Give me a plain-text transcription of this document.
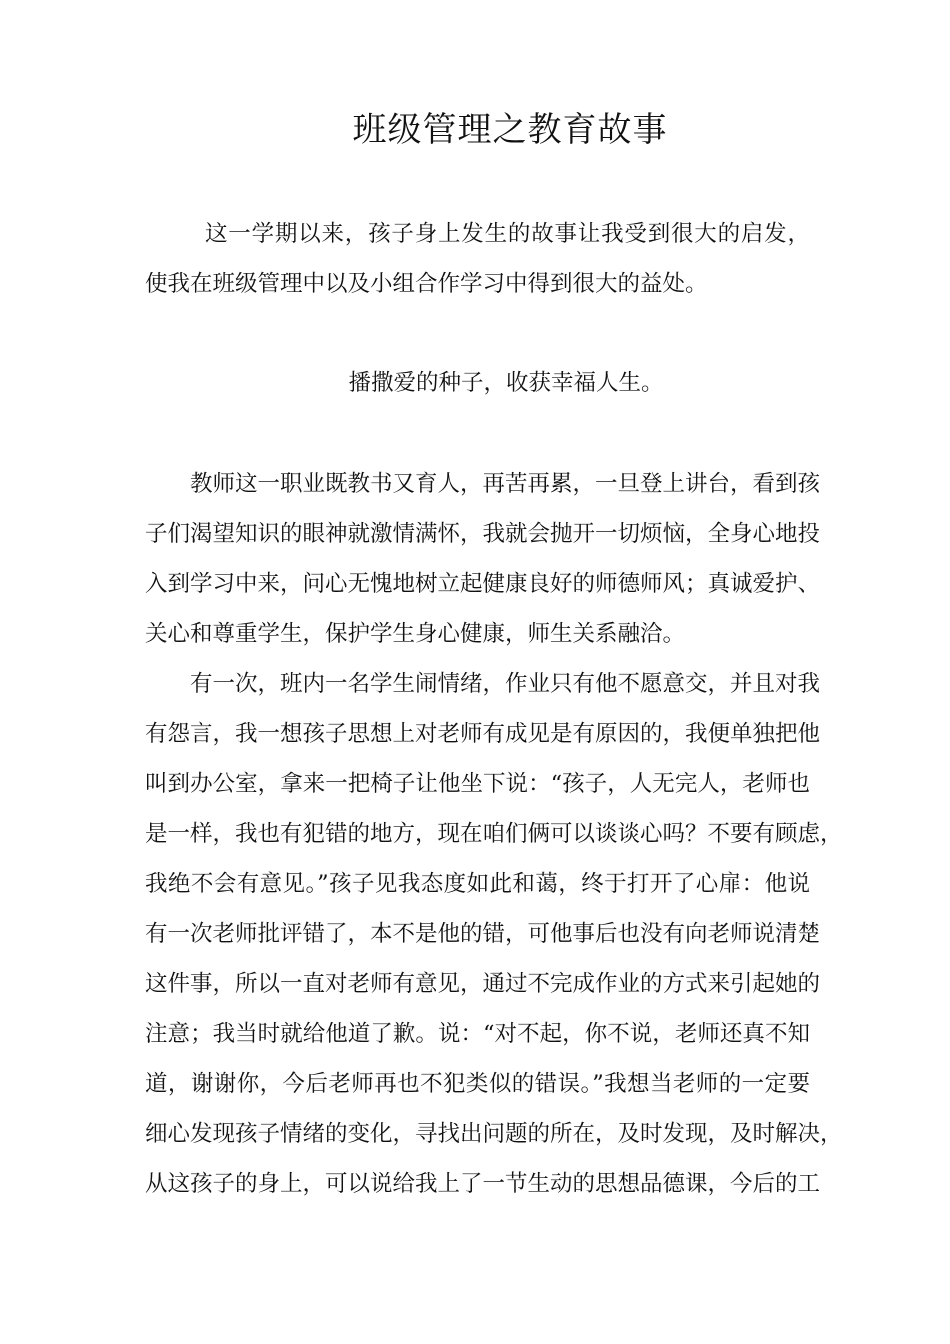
班级管理之教育故事
这一学期以来，孩子身上发生的故事让我受到很大的启发，
使我在班级管理中以及小组合作学习中得到很大的益处。
播撒爱的种子，收获幸福人生。
教师这一职业既教书又育人，再苦再累，一旦登上讲台，看到孩
子们渴望知识的眼神就激情满怀，我就会抛开一切烦恼，全身心地投
入到学习中来，问心无愧地树立起健康良好的师德师风；真诚爱护、
关心和尊重学生，保护学生身心健康，师生关系融洽。
有一次，班内一名学生闹情绪，作业只有他不愿意交，并且对我
有怨言，我一想孩子思想上对老师有成见是有原因的，我便单独把他
叫到办公室，拿来一把椅子让他坐下说：“孩子，人无完人，老师也
是一样，我也有犯错的地方，现在咱们俩可以谈谈心吗？不要有顾虑，
我绝不会有意见。”孩子见我态度如此和蔼，终于打开了心扉：他说
有一次老师批评错了，本不是他的错，可他事后也没有向老师说清楚
这件事，所以一直对老师有意见，通过不完成作业的方式来引起她的
注意；我当时就给他道了歉。说：“对不起，你不说，老师还真不知
道，谢谢你，今后老师再也不犯类似的错误。”我想当老师的一定要
细心发现孩子情绪的变化，寻找出问题的所在，及时发现，及时解决，
从这孩子的身上，可以说给我上了一节生动的思想品德课，今后的工
